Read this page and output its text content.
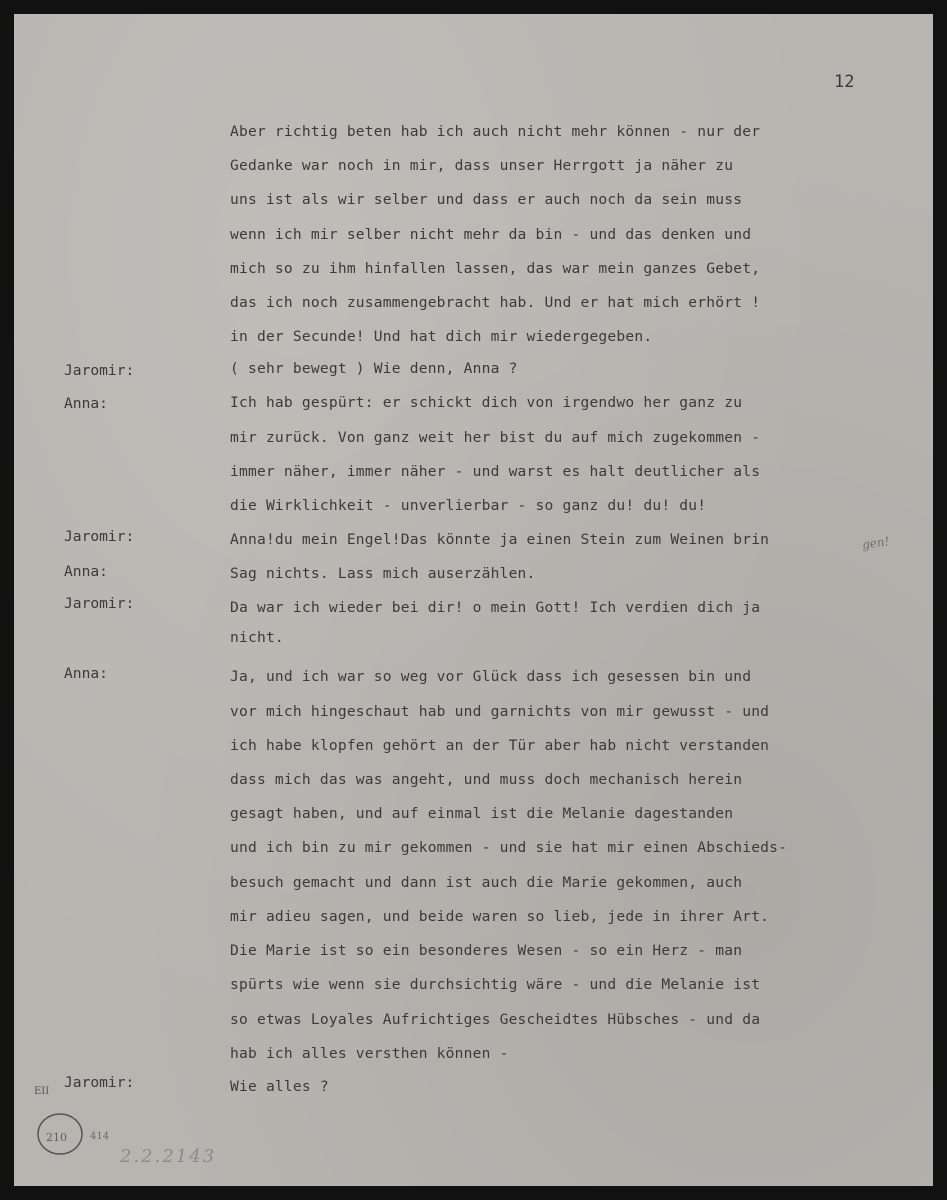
12
Aber richtig beten hab ich auch nicht mehr können - nur der
Gedanke war noch in mir, dass unser Herrgott ja näher zu
uns ist als wir selber und dass er auch noch da sein muss
wenn ich mir selber nicht mehr da bin - und das denken und
mich so zu ihm hinfallen lassen, das war mein ganzes Gebet,
das ich noch zusammengebracht hab. Und er hat mich erhört !
in der Secunde! Und hat dich mir wiedergegeben.
Jaromir:	( sehr bewegt ) Wie denn, Anna ?
Anna:	Ich hab gespürt: er schickt dich von irgendwo her ganz zu
mir zurück. Von ganz weit her bist du auf mich zugekommen -
immer näher, immer näher - und warst es halt deutlicher als
die Wirklichkeit - unverlierbar - so ganz du! du! du!
Jaromir:	Anna!du mein Engel!Das könnte ja einen Stein zum Weinen brin
Anna:	Sag nichts. Lass mich auserzählen.
Jaromir:	Da war ich wieder bei dir! o mein Gott! Ich verdien dich ja
nicht.
Anna:	Ja, und ich war so weg vor Glück dass ich gesessen bin und
vor mich hingeschaut hab und garnichts von mir gewusst - und
ich habe klopfen gehört an der Tür aber hab nicht verstanden
dass mich das was angeht, und muss doch mechanisch herein
gesagt haben, und auf einmal ist die Melanie dagestanden
und ich bin zu mir gekommen - und sie hat mir einen Abschieds-
besuch gemacht und dann ist auch die Marie gekommen, auch
mir adieu sagen, und beide waren so lieb, jede in ihrer Art.
Die Marie ist so ein besonderes Wesen - so ein Herz - man
spürts wie wenn sie durchsichtig wäre - und die Melanie ist
so etwas Loyales Aufrichtiges Gescheidtes Hübsches - und da
hab ich alles versthen können -
Jaromir:	Wie alles ?
gen!
210 414
2.2.2143
EII
